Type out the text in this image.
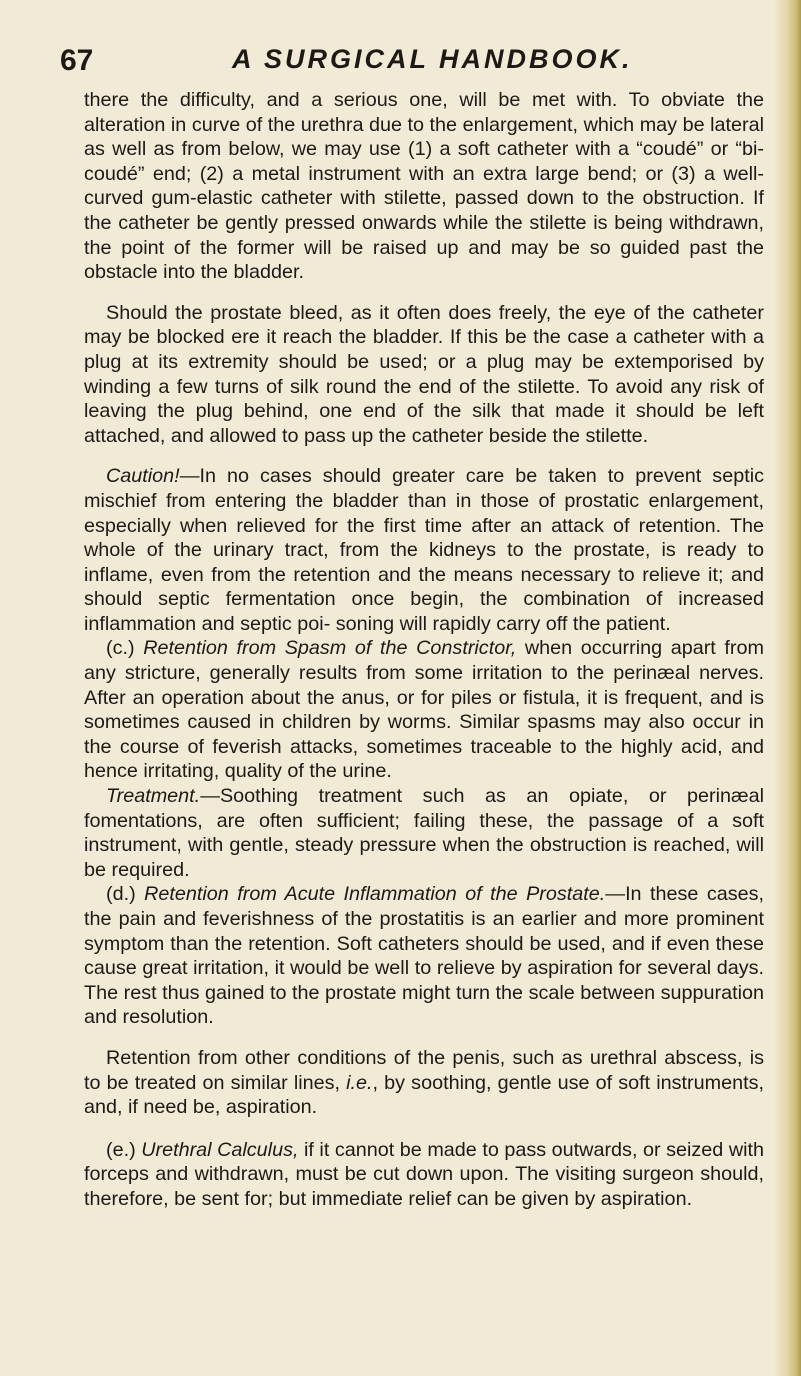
67	A SURGICAL HANDBOOK.

there the difficulty, and a serious one, will be met with. To obviate the alteration in curve of the urethra due to the enlargement, which may be lateral as well as from below, we may use (1) a soft catheter with a “coudé” or “bi-coudé” end; (2) a metal instrument with an extra large bend; or (3) a well-curved gum-elastic catheter with stilette, passed down to the obstruction. If the catheter be gently pressed onwards while the stilette is being withdrawn, the point of the former will be raised up and may be so guided past the obstacle into the bladder.

Should the prostate bleed, as it often does freely, the eye of the catheter may be blocked ere it reach the bladder. If this be the case a catheter with a plug at its extremity should be used; or a plug may be extemporised by winding a few turns of silk round the end of the stilette. To avoid any risk of leaving the plug behind, one end of the silk that made it should be left attached, and allowed to pass up the catheter beside the stilette.

Caution!—In no cases should greater care be taken to prevent septic mischief from entering the bladder than in those of prostatic enlargement, especially when relieved for the first time after an attack of retention. The whole of the urinary tract, from the kidneys to the prostate, is ready to inflame, even from the retention and the means necessary to relieve it; and should septic fermentation once begin, the combination of increased inflammation and septic poi- soning will rapidly carry off the patient.

(c.) Retention from Spasm of the Constrictor, when occurring apart from any stricture, generally results from some irritation to the perinæal nerves. After an operation about the anus, or for piles or fistula, it is frequent, and is sometimes caused in children by worms. Similar spasms may also occur in the course of feverish attacks, sometimes traceable to the highly acid, and hence irritating, quality of the urine.

Treatment.—Soothing treatment such as an opiate, or perinæal fomentations, are often sufficient; failing these, the passage of a soft instrument, with gentle, steady pressure when the obstruction is reached, will be required.

(d.) Retention from Acute Inflammation of the Prostate.—In these cases, the pain and feverishness of the prostatitis is an earlier and more prominent symptom than the retention. Soft catheters should be used, and if even these cause great irritation, it would be well to relieve by aspiration for several days. The rest thus gained to the prostate might turn the scale between suppuration and resolution.

Retention from other conditions of the penis, such as urethral abscess, is to be treated on similar lines, i.e., by soothing, gentle use of soft instruments, and, if need be, aspiration.

(e.) Urethral Calculus, if it cannot be made to pass outwards, or seized with forceps and withdrawn, must be cut down upon. The visiting surgeon should, therefore, be sent for; but immediate relief can be given by aspiration.
